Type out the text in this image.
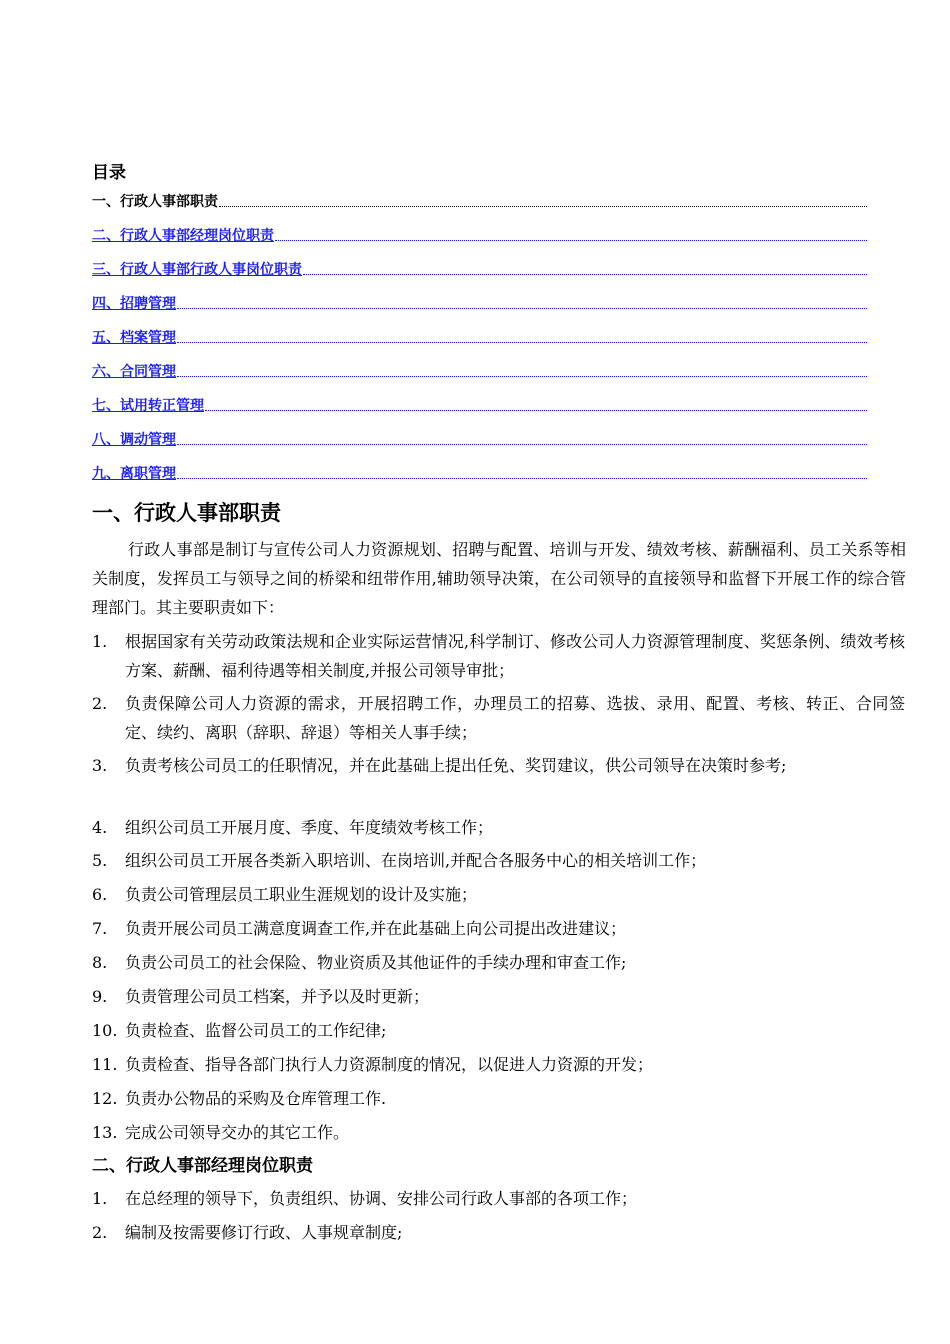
目录
一、行政人事部职责
二、行政人事部经理岗位职责
三、行政人事部行政人事岗位职责
四、招聘管理
五、档案管理
六、合同管理
七、试用转正管理
八、调动管理
九、离职管理
一、行政人事部职责
行政人事部是制订与宣传公司人力资源规划、招聘与配置、培训与开发、绩效考核、薪酬福利、员工关系等相关制度，发挥员工与领导之间的桥梁和纽带作用,辅助领导决策，在公司领导的直接领导和监督下开展工作的综合管理部门。其主要职责如下：
1.	根据国家有关劳动政策法规和企业实际运营情况,科学制订、修改公司人力资源管理制度、奖惩条例、绩效考核方案、薪酬、福利待遇等相关制度,并报公司领导审批；
2.	负责保障公司人力资源的需求，开展招聘工作，办理员工的招募、选拔、录用、配置、考核、转正、合同签定、续约、离职（辞职、辞退）等相关人事手续；
3.	负责考核公司员工的任职情况，并在此基础上提出任免、奖罚建议，供公司领导在决策时参考;
4.	组织公司员工开展月度、季度、年度绩效考核工作；
5.	组织公司员工开展各类新入职培训、在岗培训,并配合各服务中心的相关培训工作；
6.	负责公司管理层员工职业生涯规划的设计及实施；
7.	负责开展公司员工满意度调查工作,并在此基础上向公司提出改进建议；
8.	负责公司员工的社会保险、物业资质及其他证件的手续办理和审查工作;
9.	负责管理公司员工档案，并予以及时更新；
10. 负责检查、监督公司员工的工作纪律;
11. 负责检查、指导各部门执行人力资源制度的情况，以促进人力资源的开发；
12. 负责办公物品的采购及仓库管理工作.
13. 完成公司领导交办的其它工作。
二、行政人事部经理岗位职责
1.	在总经理的领导下，负责组织、协调、安排公司行政人事部的各项工作；
2.	编制及按需要修订行政、人事规章制度;
